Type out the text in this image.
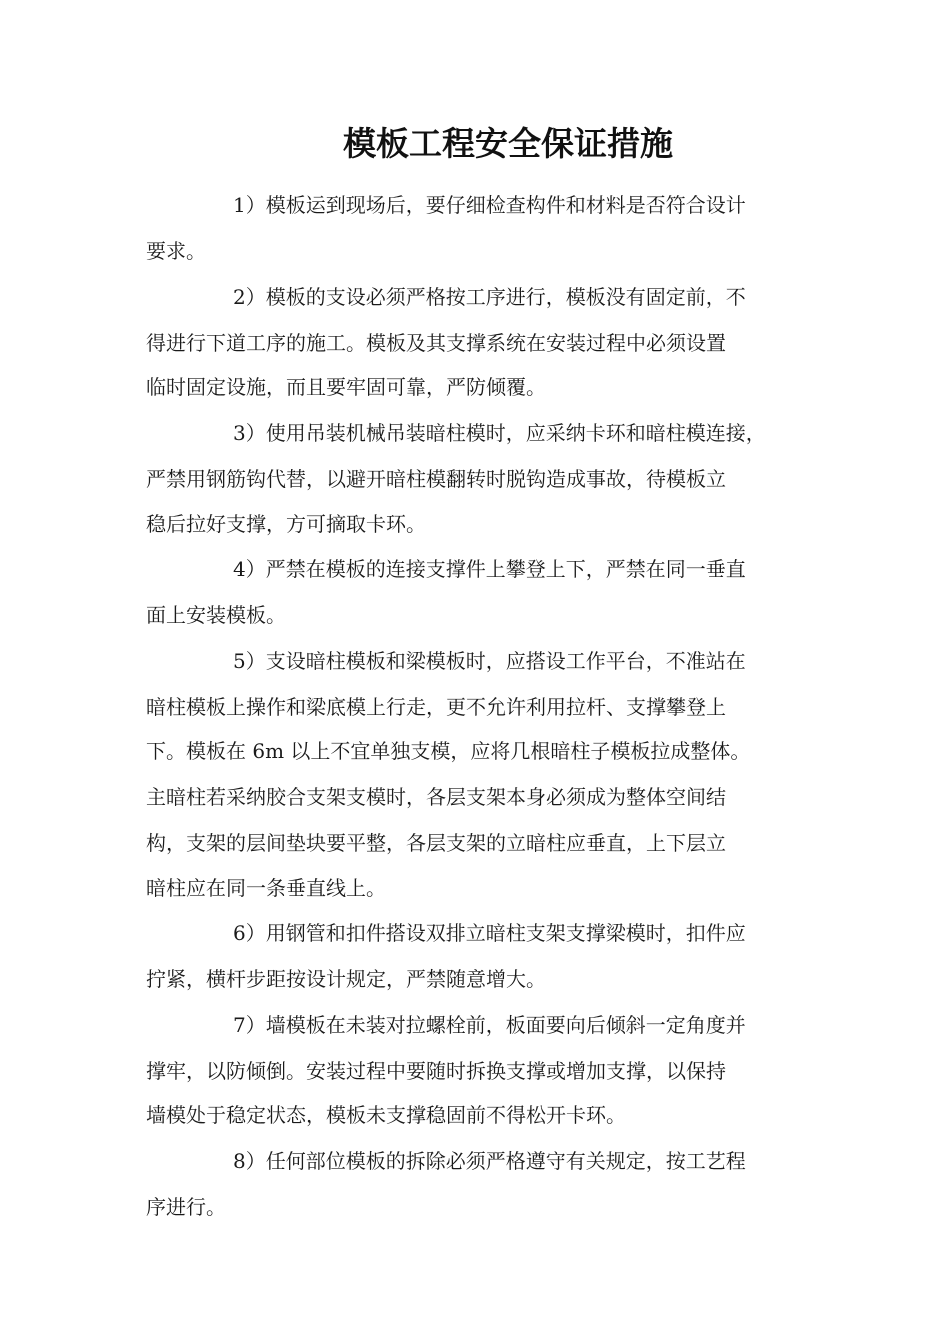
模板工程安全保证措施
1）模板运到现场后，要仔细检查构件和材料是否符合设计
要求。
2）模板的支设必须严格按工序进行，模板没有固定前，不
得进行下道工序的施工。模板及其支撑系统在安装过程中必须设置
临时固定设施，而且要牢固可靠，严防倾覆。
3）使用吊装机械吊装暗柱模时，应采纳卡环和暗柱模连接，
严禁用钢筋钩代替，以避开暗柱模翻转时脱钩造成事故，待模板立
稳后拉好支撑，方可摘取卡环。
4）严禁在模板的连接支撑件上攀登上下，严禁在同一垂直
面上安装模板。
5）支设暗柱模板和梁模板时，应搭设工作平台，不准站在
暗柱模板上操作和梁底模上行走，更不允许利用拉杆、支撑攀登上
下。模板在 6m 以上不宜单独支模，应将几根暗柱子模板拉成整体。
主暗柱若采纳胶合支架支模时，各层支架本身必须成为整体空间结
构，支架的层间垫块要平整，各层支架的立暗柱应垂直，上下层立
暗柱应在同一条垂直线上。
6）用钢管和扣件搭设双排立暗柱支架支撑梁模时，扣件应
拧紧，横杆步距按设计规定，严禁随意增大。
7）墙模板在未装对拉螺栓前，板面要向后倾斜一定角度并
撑牢，以防倾倒。安装过程中要随时拆换支撑或增加支撑，以保持
墙模处于稳定状态，模板未支撑稳固前不得松开卡环。
8）任何部位模板的拆除必须严格遵守有关规定，按工艺程
序进行。
